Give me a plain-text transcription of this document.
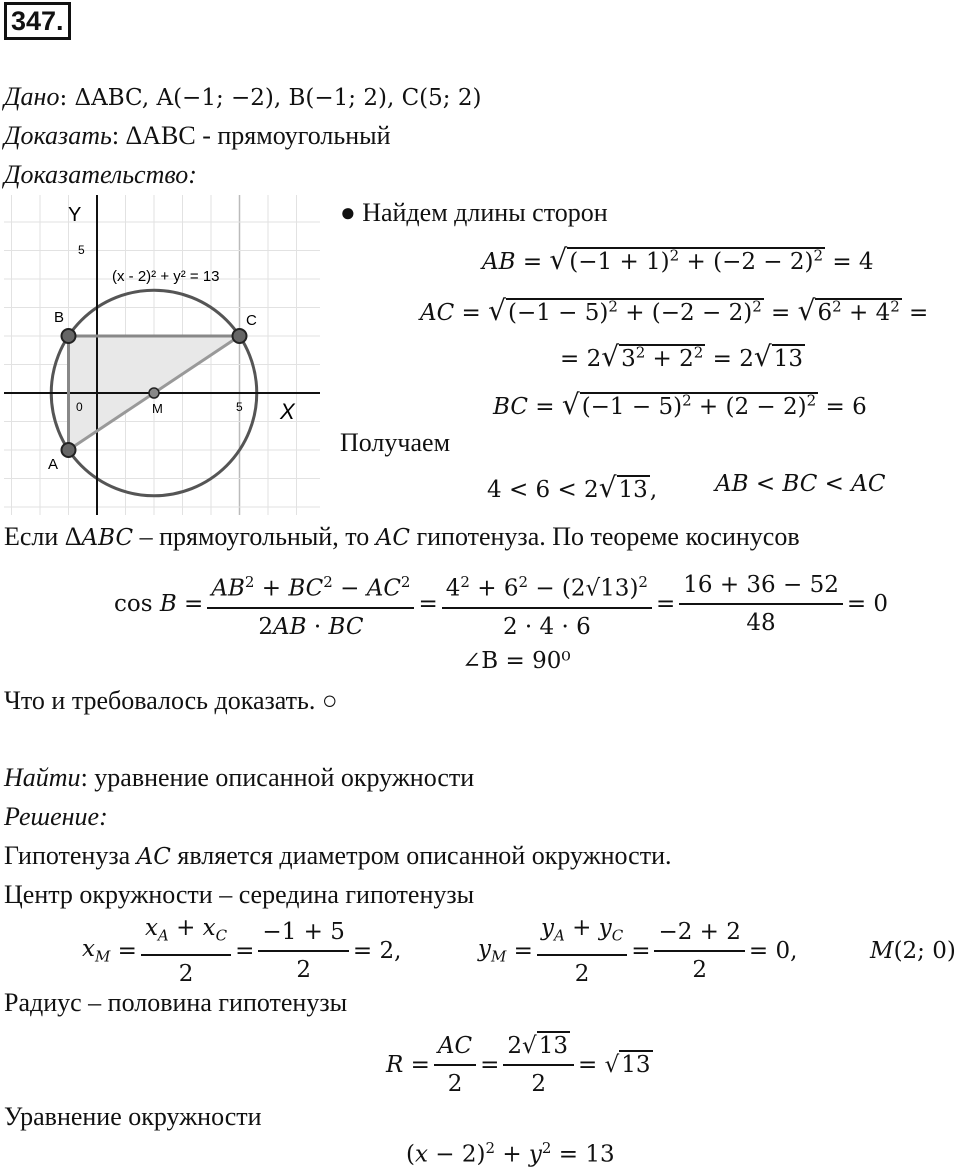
347.
Дано: ΔABC, A(−1; −2), B(−1; 2), C(5; 2)
Доказать: ΔABC - прямоугольный
Доказательство:
Y
X
5
5
0
(x - 2)² + y² = 13
B	C
A
M
● Найдем длины сторон
AB = $√(-1 + 1)^2 + (-2 - 2)^2 = 4$
AC = $√(-1 - 5)^2 + (-2 - 2)^2 = √6^2 + 4^2$ =
= $2√3^2 + 2^2 = 2√13$
BC = $√(-1 - 5)^2 + (2 - 2)^2 = 6$
Получаем
4 < 6 < 2√13,	AB < BC < AC
Если ΔABC – прямоугольный, то AC гипотенуза. По теореме косинусов
$\cos B = \frac{AB^2 + BC^2 - AC^2}{2AB \cdot BC} = \frac{4^2 + 6^2 - (2√13)^2}{2 \cdot 4 \cdot 6} = \frac{16 + 36 - 52}{48} = 0$
∠B = 90⁰
Что и требовалось доказать. ○
Найти: уравнение описанной окружности
Решение:
Гипотенуза AC является диаметром описанной окружности.
Центр окружности – середина гипотенузы
$x_M = \frac{x_A + x_C}{2} = \frac{-1 + 5}{2} = 2$,	$y_M = \frac{y_A + y_C}{2} = \frac{-2 + 2}{2} = 0$,	M(2; 0)
Радиус – половина гипотенузы
$R = \frac{AC}{2} = \frac{2√13}{2} = √13$
Уравнение окружности
$(x - 2)^2 + y^2 = 13$
